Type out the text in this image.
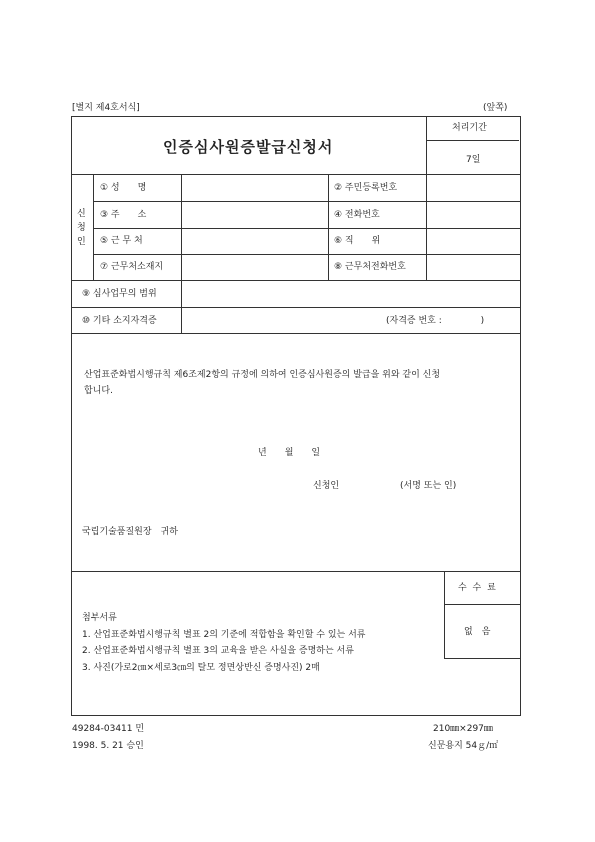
[별지 제4호서식]	(앞쪽)
인증심사원증발급신청서
처리기간
7일
신
청
인
① 성　　명	② 주민등록번호
③ 주　　소	④ 전화번호
⑤ 근 무 처	⑥ 직　　위
⑦ 근무처소재지	⑧ 근무처전화번호
⑨ 심사업무의 범위
⑩ 기타 소지자격증	(자격증 번호 :　　　　 )
산업표준화법시행규칙 제6조제2항의 규정에 의하여 인증심사원증의 발급을 위와 같이 신청
합니다.
년　　월　　일
신청인	(서명 또는 인)
국립기술품질원장　귀하
수 수 료
없　음
첨부서류
1. 산업표준화법시행규칙 별표 2의 기준에 적합함을 확인할 수 있는 서류
2. 산업표준화법시행규칙 별표 3의 교육을 받은 사실을 증명하는 서류
3. 사진(가로2㎝×세로3㎝의 탈모 정면상반신 증명사진) 2매
49284-03411 민
1998. 5. 21 승인
210㎜×297㎜
신문용지 54ｇ/㎡
